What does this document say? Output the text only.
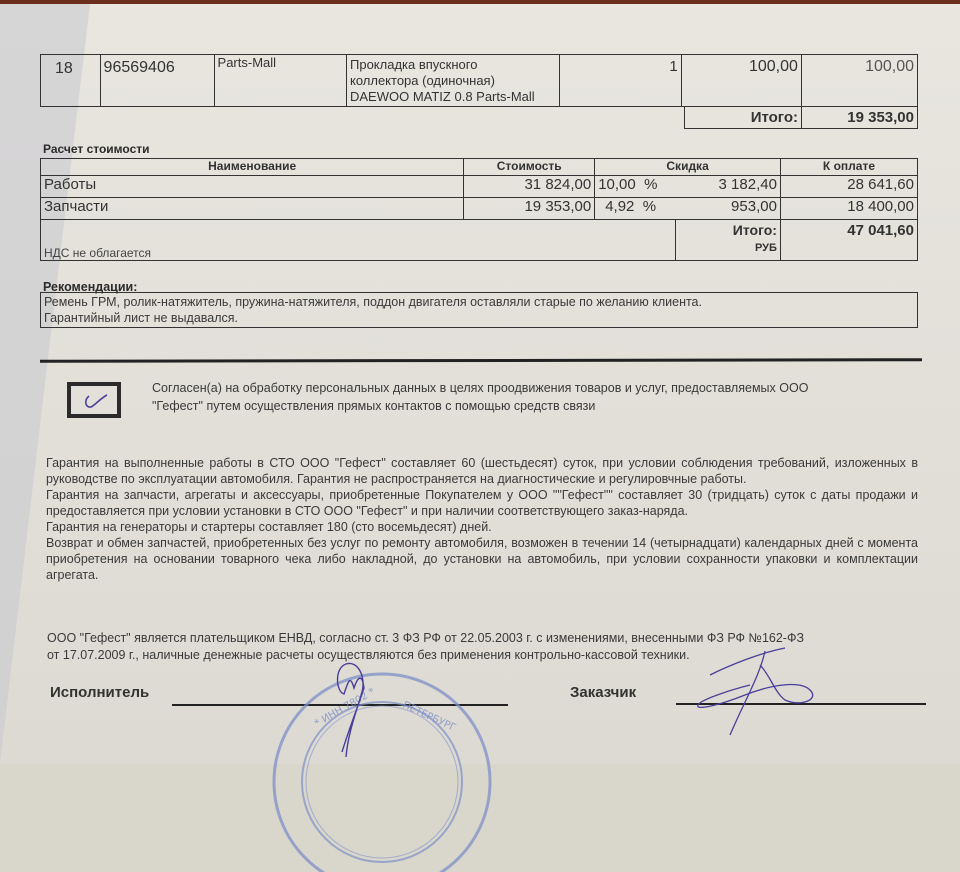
18	96569406	Parts-Mall	Прокладка впускного
коллектора (одиночная)
DAEWOO MATIZ 0.8 Parts-Mall
	1	100,00	100,00
Итого:	19 353,00
Расчет стоимости
Наименование	Стоимость	Скидка		К оплате
Работы	31 824,00	10,00  %	3 182,40	28 641,60
Запчасти	19 353,00	4,92  %	953,00	18 400,00
НДС не облагается		Итого:
РУБ		47 041,60
Рекомендации:
Ремень ГРМ, ролик-натяжитель, пружина-натяжителя, поддон двигателя оставляли старые по желанию клиента.
Гарантийный лист не выдавался.
Согласен(а) на обработку персональных данных в целях проодвижения товаров и услуг, предоставляемых ООО
"Гефест" путем осуществления прямых контактов с помощью средств связи
Гарантия на выполненные работы в СТО ООО "Гефест" составляет 60 (шестьдесят) суток, при условии соблюдения требований, изложенных в руководстве по эксплуатации автомобиля. Гарантия не распространяется на диагностические и регулировчные работы.
Гарантия на запчасти, агрегаты и аксессуары, приобретенные Покупателем у ООО ""Гефест"" составляет 30 (тридцать) суток с даты продажи и предоставляется при условии установки в СТО ООО "Гефест" и при наличии соответствующего заказ-наряда.
Гарантия на генераторы и стартеры составляет 180 (сто восемьдесят) дней.
Возврат и обмен запчастей, приобретенных без услуг по ремонту автомобиля, возможен в течении 14 (четырнадцати) календарных дней с момента приобретения на основании товарного чека либо накладной, до установки на автомобиль, при условии сохранности упаковки и комплектации агрегата.
ООО "Гефест" является плательщиком ЕНВД, согласно ст. 3 ФЗ РФ от 22.05.2003 г. с изменениями, внесенными ФЗ РФ №162-ФЗ
от 17.07.2009 г., наличные денежные расчеты осуществляются без применения контрольно-кассовой техники.
Исполнитель	Заказчик
* ИНН 7802 * ПЕТЕРБУРГ
